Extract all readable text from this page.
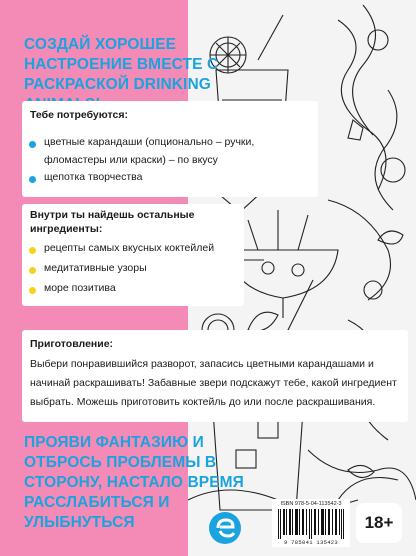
СОЗДАЙ ХОРОШЕЕ НАСТРОЕНИЕ ВМЕСТЕ С РАСКРАСКОЙ DRINKING
Тебе потребуются:
цветные карандаши (опционально – ручки, фломастеры или краски) – по вкусу
щепотка творчества
Внутри ты найдешь остальные
ингредиенты:
рецепты самых вкусных коктейлей
медитативные узоры
море позитива
Приготовление:
Выбери понравившийся разворот, запасись цветными карандашами и начинай раскрашивать! Забавные звери подскажут тебе, какой ингредиент выбрать. Можешь приготовить коктейль до или после раскрашивания.
ПРОЯВИ ФАНТАЗИЮ И ОТБРОСЬ ПРОБЛЕМЫ В СТОРОНУ, НАСТАЛО ВРЕМЯ РАССЛАБИТЬСЯ И УЛЫБНУТЬСЯ
ISBN 978-5-04-113542-3
9 785041 135423
18+
